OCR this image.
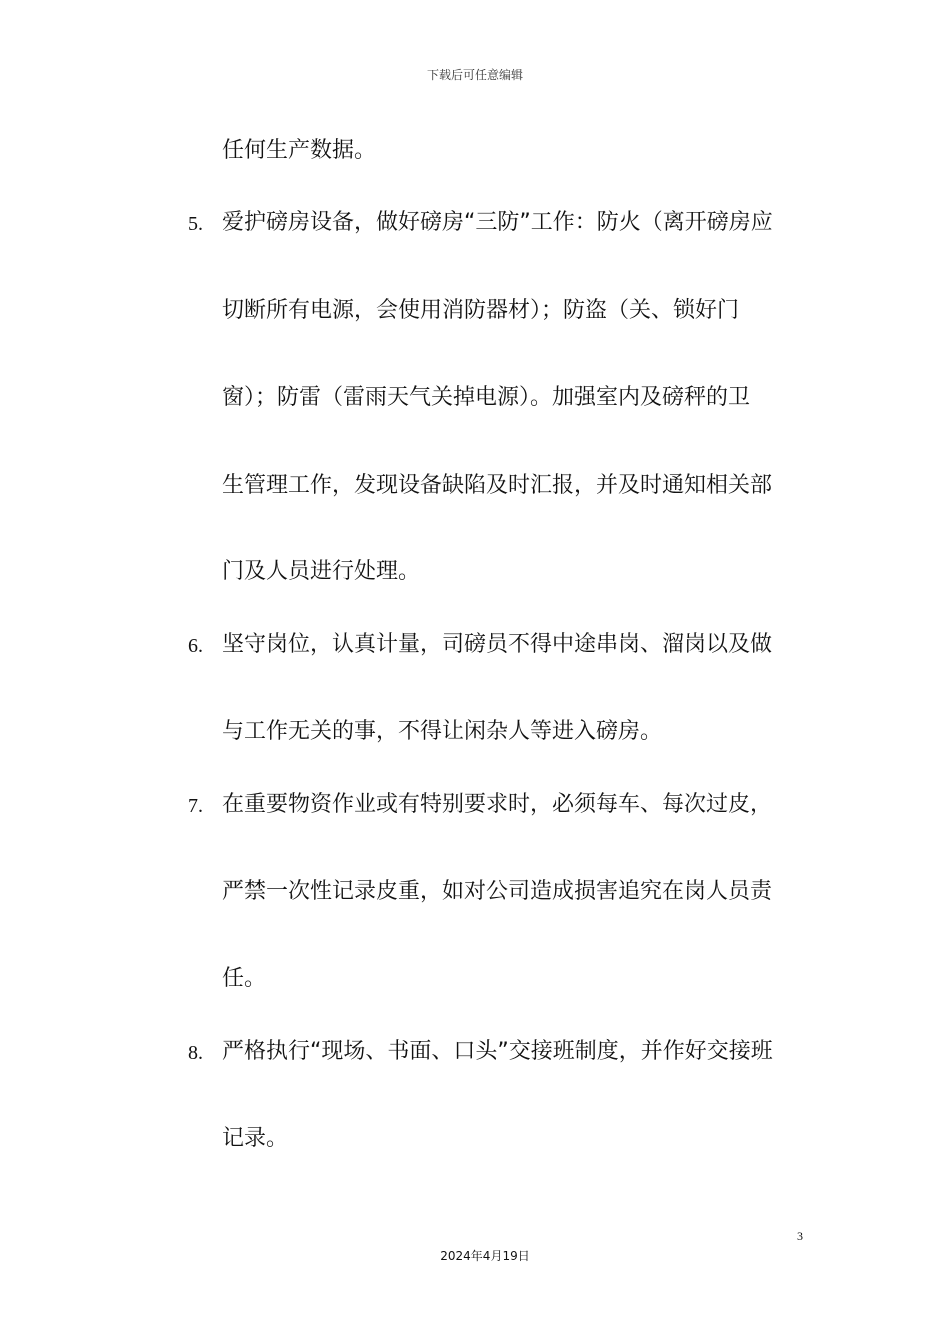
下载后可任意编辑
任何生产数据。
5. 爱护磅房设备，做好磅房“三防”工作：防火（离开磅房应
切断所有电源，会使用消防器材）；防盗（关、锁好门
窗）；防雷（雷雨天气关掉电源）。加强室内及磅秤的卫
生管理工作，发现设备缺陷及时汇报，并及时通知相关部
门及人员进行处理。
6. 坚守岗位，认真计量，司磅员不得中途串岗、溜岗以及做
与工作无关的事，不得让闲杂人等进入磅房。
7. 在重要物资作业或有特别要求时，必须每车、每次过皮，
严禁一次性记录皮重，如对公司造成损害追究在岗人员责
任。
8. 严格执行“现场、书面、口头”交接班制度，并作好交接班
记录。
3
2024年4月19日
